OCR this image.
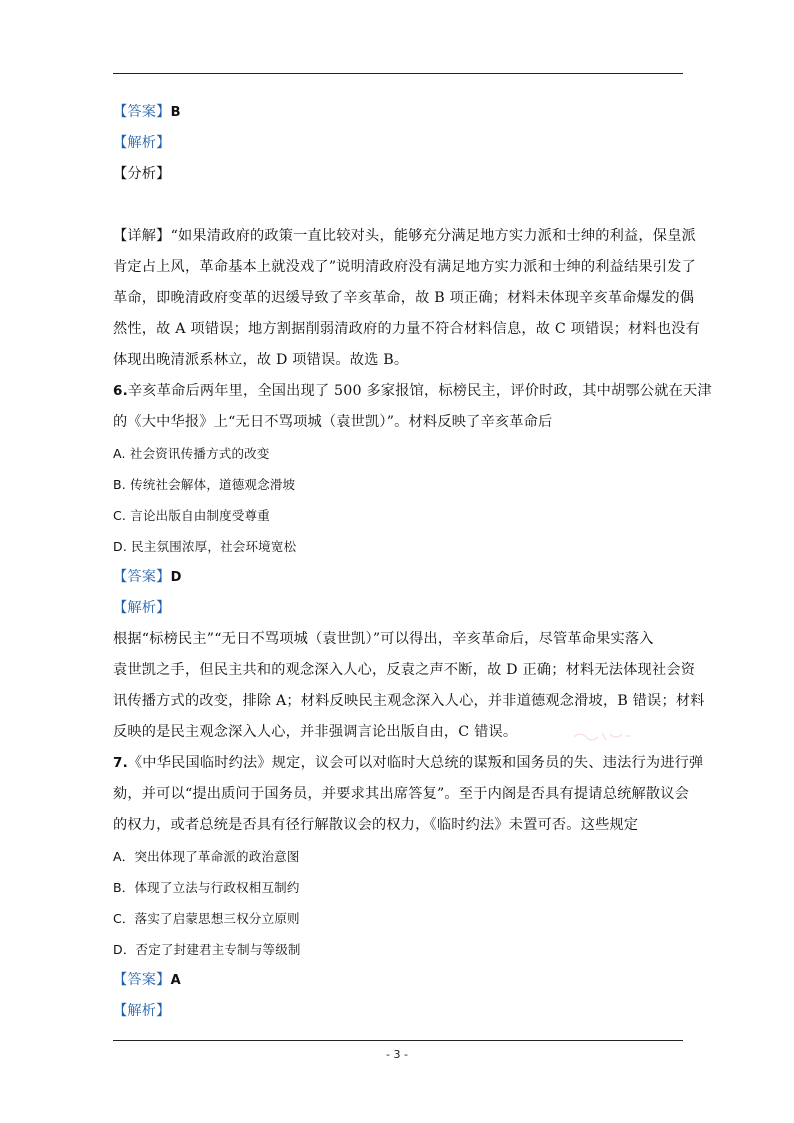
【答案】B
【解析】
【分析】
【详解】“如果清政府的政策一直比较对头，能够充分满足地方实力派和士绅的利益，保皇派
肯定占上风，革命基本上就没戏了”说明清政府没有满足地方实力派和士绅的利益结果引发了
革命，即晚清政府变革的迟缓导致了辛亥革命，故 B 项正确；材料未体现辛亥革命爆发的偶
然性，故 A 项错误；地方割据削弱清政府的力量不符合材料信息，故 C 项错误；材料也没有
体现出晚清派系林立，故 D 项错误。故选 B。
6.辛亥革命后两年里，全国出现了 500 多家报馆，标榜民主，评价时政，其中胡鄂公就在天津
的《大中华报》上“无日不骂项城（袁世凯）”。材料反映了辛亥革命后
A. 社会资讯传播方式的改变
B. 传统社会解体，道德观念滑坡
C. 言论出版自由制度受尊重
D. 民主氛围浓厚，社会环境宽松
【答案】D
【解析】
根据“标榜民主”“无日不骂项城（袁世凯）”可以得出，辛亥革命后，尽管革命果实落入
袁世凯之手，但民主共和的观念深入人心，反袁之声不断，故 D 正确；材料无法体现社会资
讯传播方式的改变，排除 A；材料反映民主观念深入人心，并非道德观念滑坡，B 错误；材料
反映的是民主观念深入人心，并非强调言论出版自由，C 错误。
7.《中华民国临时约法》规定，议会可以对临时大总统的谋叛和国务员的失、违法行为进行弹
劾，并可以“提出质问于国务员，并要求其出席答复”。至于内阁是否具有提请总统解散议会
的权力，或者总统是否具有径行解散议会的权力，《临时约法》未置可否。这些规定
A．突出体现了革命派的政治意图
B．体现了立法与行政权相互制约
C．落实了启蒙思想三权分立原则
D．否定了封建君主专制与等级制
【答案】A
【解析】
- 3 -
